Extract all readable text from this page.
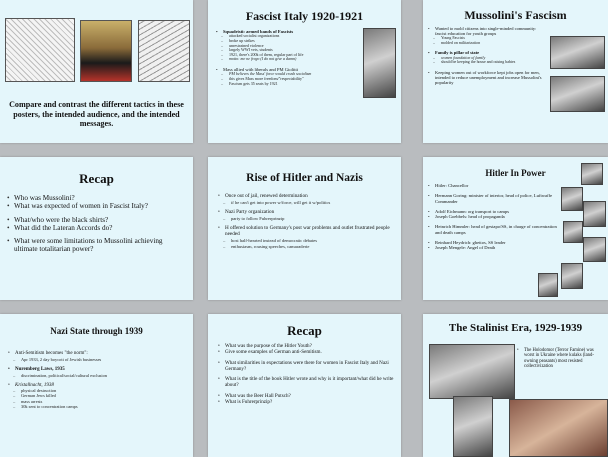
Compare and contrast the different tactics in these posters, the intended audience, and the intended messages.

Fascist Italy 1920-1921
• Squadristi: armed bands of Fascists
– attacked socialist organizations
– broke up strikes
– unrestrained violence
– largely WWI vets, students
– 1921, there's 200k of them, regular part of life
– motto: me ne frego (I do not give a damn)
• Mass allied with liberals and PM Giolitti
– PM believes the Mass' force would crush socialism
– this gives Mass more freedom/"respectability"
– Fascism gets 35 seats by 1921
Mussolini's Fascism
• Wanted to mold citizens into single-minded community: fascist education for youth groups
– Young Fascists
– molded on militarization
• Family is pillar of state
– women foundation of family
– should be keeping the house and raising babies
• Keeping women out of workforce kept jobs open for men, intended to reduce unemployment and increase Mussolini's popularity
Recap
• Who was Mussolini?
• What was expected of women in Fascist Italy?
• What/who were the black shirts?
• What did the Lateran Accords do?
• What were some limitations to Mussolini achieving ultimate totalitarian power?
Rise of Hitler and Nazis
• Once out of jail, renewed determination
– if he can't get into power w/force, will get it w/politics
• Nazi Party organization
– party to follow Fuhrerprinzip
• H offered solution to Germany's post war problems and outlet frustrated people needed
– host half-hearted instead of democratic debates
– enthusiasm, rousing speeches, camaraderie
Hitler In Power
• Hitler: Chancellor
• Hermann Goring: minister of interior, head of police, Luftwaffe Commander
• Adolf Eichmann: org transport to camps
• Joseph Goebbels: head of propaganda
• Heinrich Himmler: head of gestapo/SS, in charge of concentration and death camps
• Reinhard Heydrich: ghettos, SS leader
• Joseph Mengele: Angel of Death
Nazi State through 1939
• Anti-Semitism becomes "the norm":
– Apr 1933, 2 day boycott of Jewish businesses
• Nuremberg Laws, 1935
– discrimination, political/social/cultural exclusion
• Kristallnacht, 1938
– physical destruction
– German Jews killed
– mass arrests
– 30k sent to concentration camps
Recap
• What was the purpose of the Hitler Youth?
• Give some examples of German anti-Semitism.
• What similarities in expectations were there for women in Fascist Italy and Nazi Germany?
• What is the title of the book Hitler wrote and why is it important/what did he write about?
• What was the Beer Hall Putsch?
• What is Fuhrerprinzip?
The Stalinist Era, 1929-1939
• The Holodomor (Terror Famine) was worst in Ukraine where kulaks (land-owning peasants) most resisted collectivization
